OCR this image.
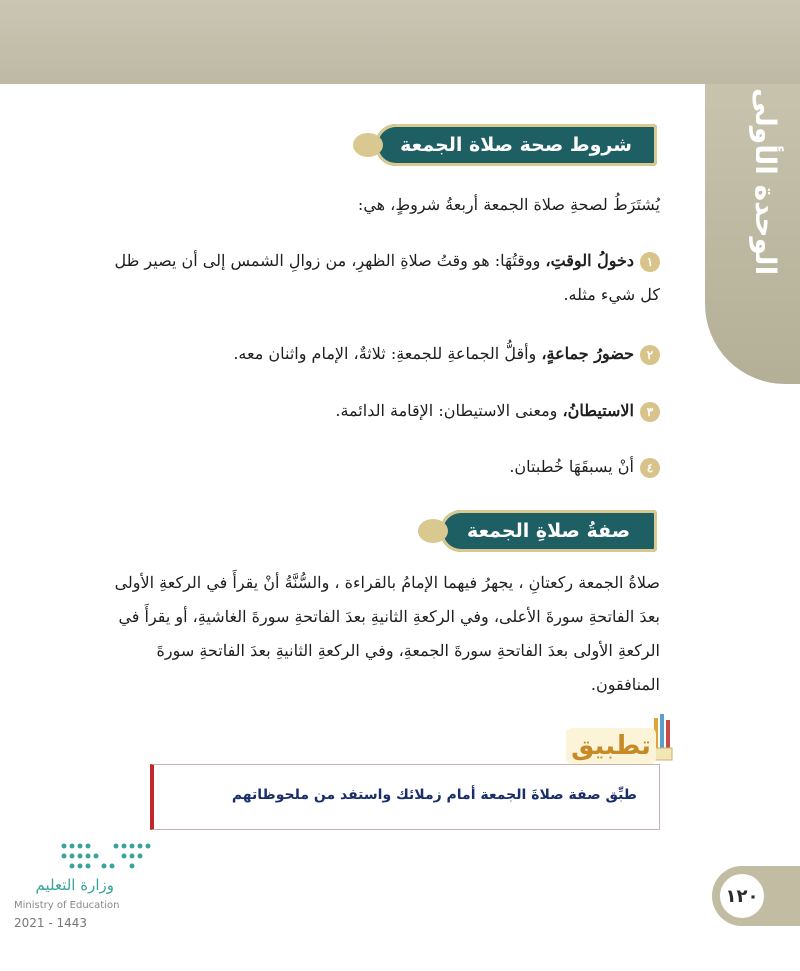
الوحدة الأولى
شروط صحة صلاة الجمعة
يُشتَرَطُ لصحةِ صلاة الجمعة أربعةُ شروطٍ، هي:
١دخولُ الوقتِ، ووقتُهَا: هو وقتُ صلاةِ الظهرِ، من زوالِ الشمس إلى أن يصير ظل كل شيء مثله.
٢حضورُ جماعةٍ، وأقلُّ الجماعةِ للجمعةِ: ثلاثةٌ، الإمام واثنان معه.
٣الاستيطانُ، ومعنى الاستيطان: الإقامة الدائمة.
٤أنْ يسبقَهَا خُطبتان.
صفةُ صلاةِ الجمعة
صلاةُ الجمعة ركعتانِ ، يجهرُ فيهما الإمامُ بالقراءة ، والسُّنَّةُ أنْ يقرأَ في الركعةِ الأولى بعدَ الفاتحةِ سورةَ الأعلى، وفي الركعةِ الثانيةِ بعدَ الفاتحةِ سورةَ الغاشيةِ، أو يقرأَ في الركعةِ الأولى بعدَ الفاتحةِ سورةَ الجمعةِ، وفي الركعةِ الثانيةِ بعدَ الفاتحةِ سورةَ المنافقون.
تطبيق
طبِّق صفة صلاةَ الجمعة أمام زملائك واستفد من ملحوظاتهم
وزارة التعليم
Ministry of Education
2021 - 1443
١٢٠
